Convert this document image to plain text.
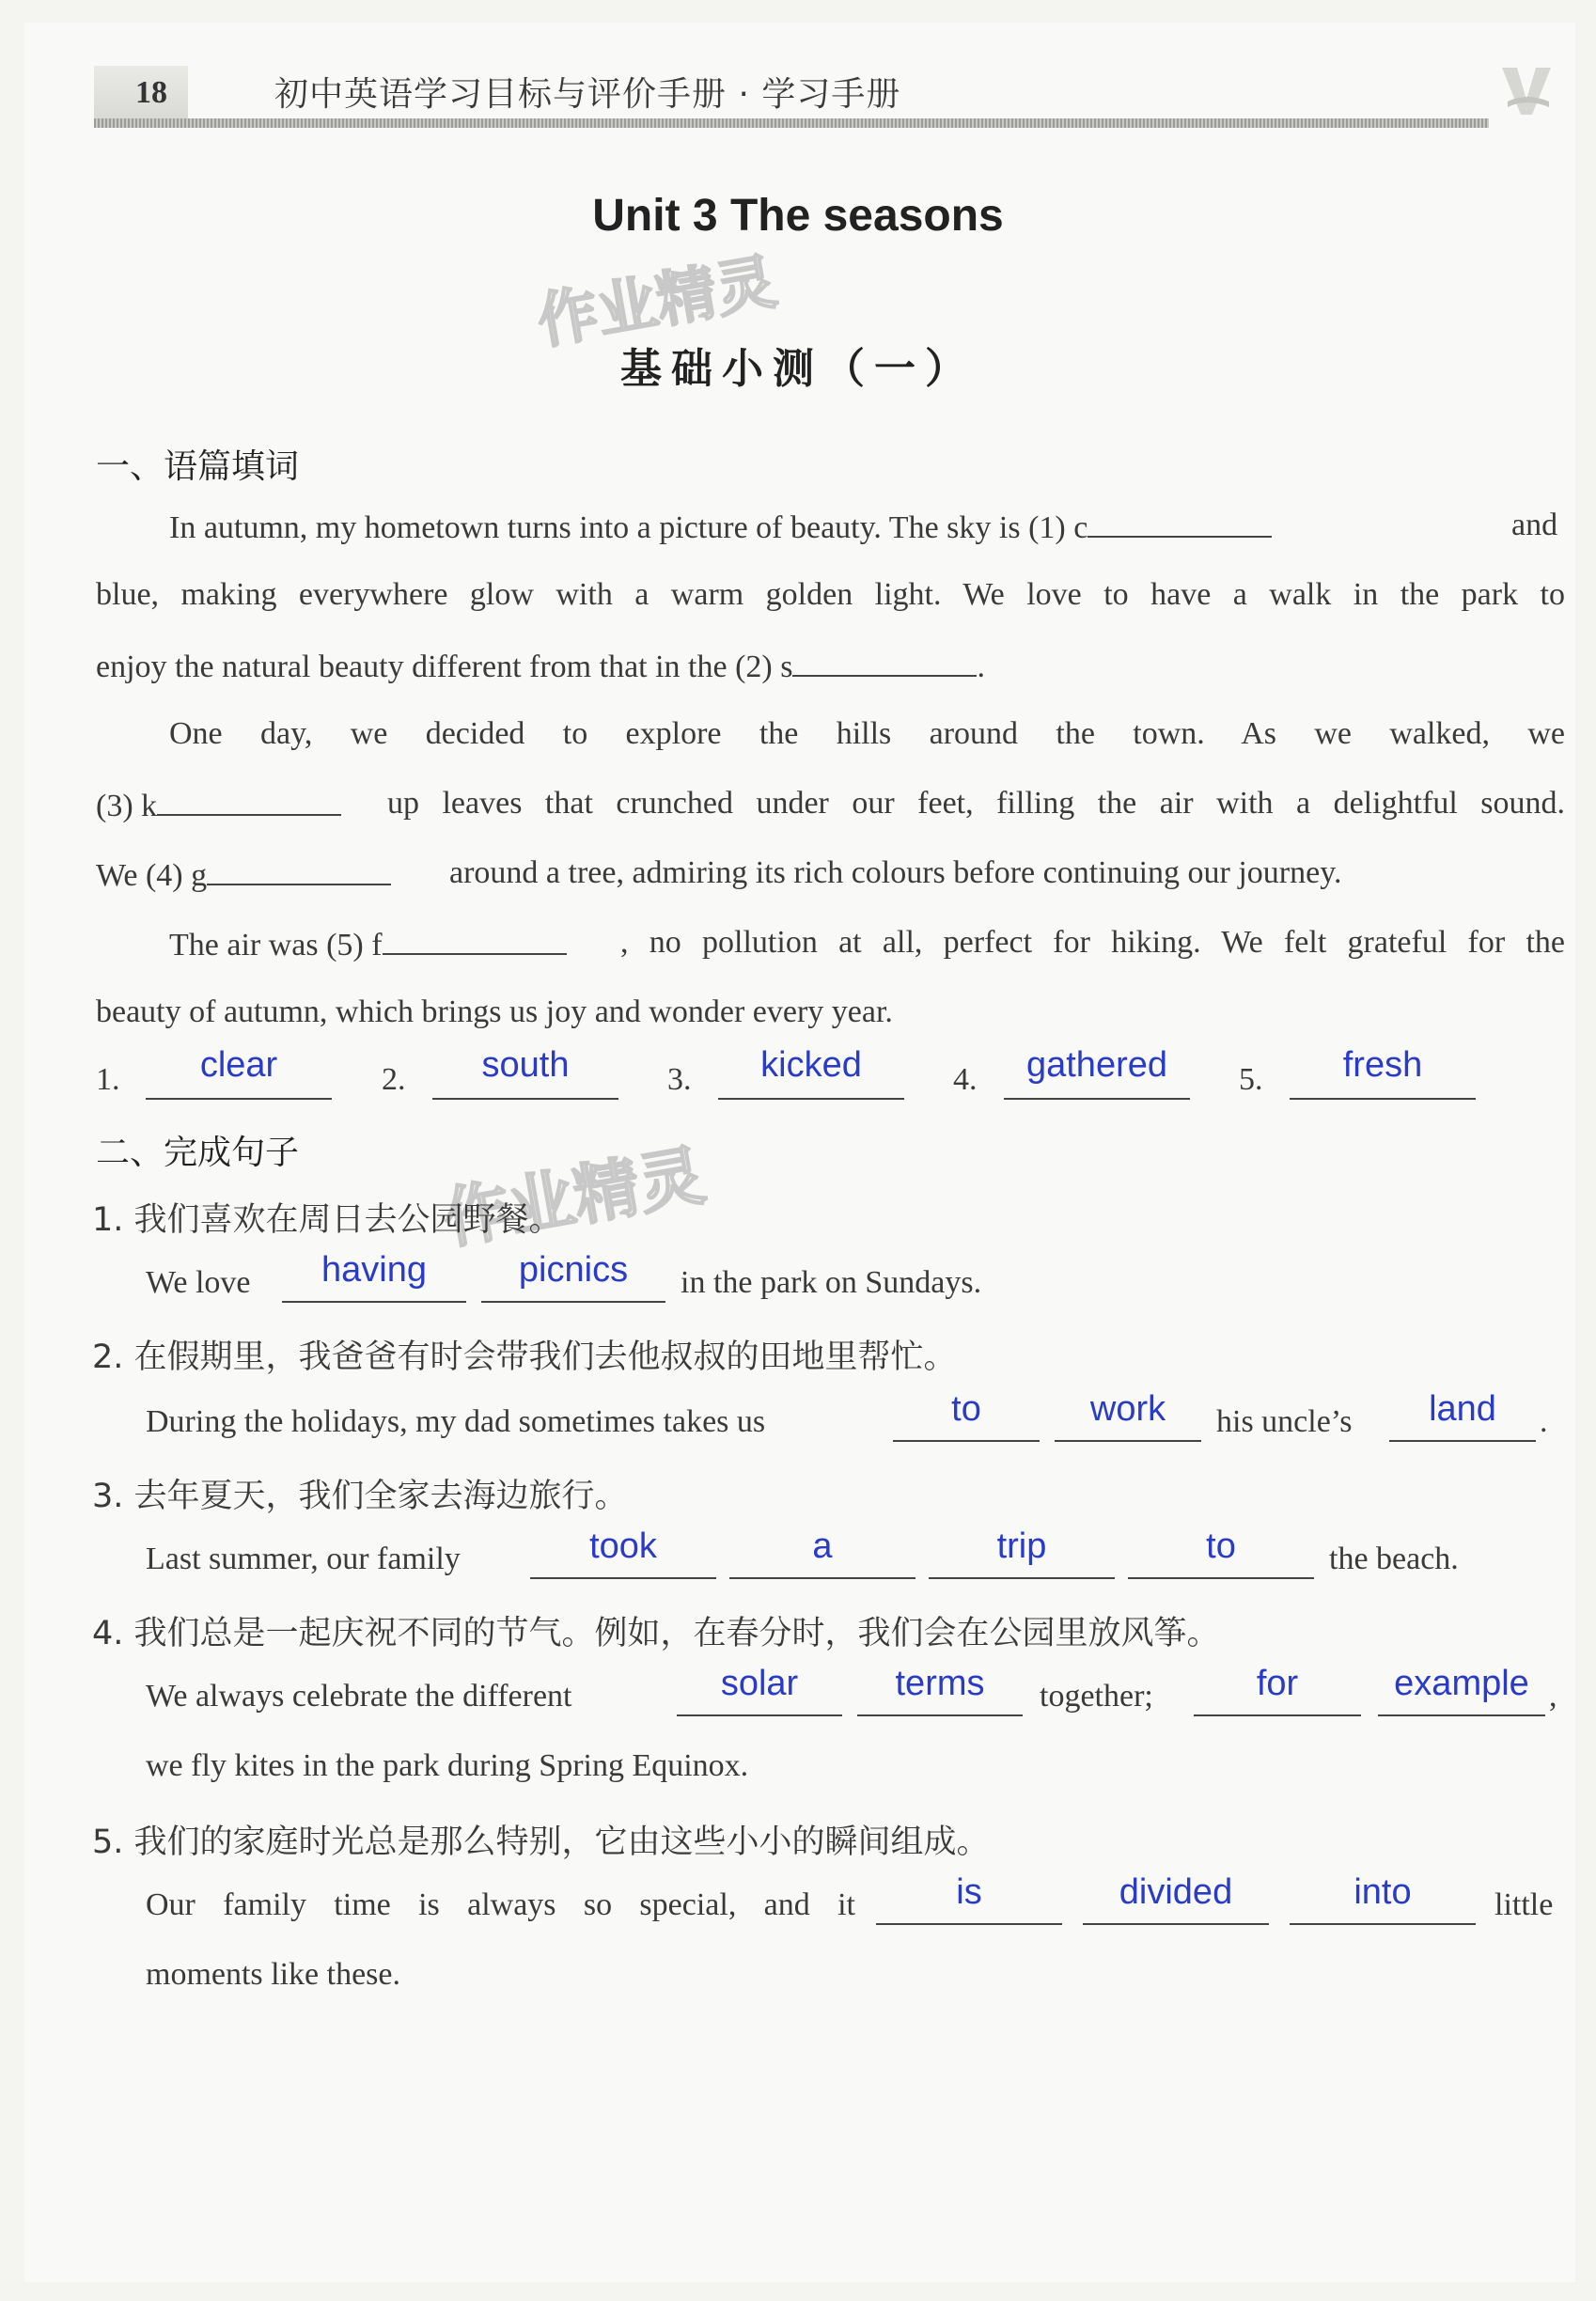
18	初中英语学习目标与评价手册 · 学习手册
Unit 3 The seasons
作业精灵
基础小测（一）
一、语篇填词
In autumn, my hometown turns into a picture of beauty. The sky is (1) c	and
blue, making everywhere glow with a warm golden light. We love to have a walk in the park to
enjoy the natural beauty different from that in the (2) s	.
One day, we decided to explore the hills around the town. As we walked, we
(3) k	up leaves that crunched under our feet, filling the air with a delightful sound.
We (4) g	around a tree, admiring its rich colours before continuing our journey.
The air was (5) f	, no pollution at all, perfect for hiking. We felt grateful for the
beauty of autumn, which brings us joy and wonder every year.
1.	clear	2.	south	3.	kicked	4.	gathered	5.	fresh
二、完成句子 作业精灵
1. 我们喜欢在周日去公园野餐。
We love	having	picnics	in the park on Sundays.
2. 在假期里，我爸爸有时会带我们去他叔叔的田地里帮忙。
During the holidays, my dad sometimes takes us	to	work	his uncle’s	land	.
3. 去年夏天，我们全家去海边旅行。
Last summer, our family	took	a	trip	to	the beach.
4. 我们总是一起庆祝不同的节气。例如，在春分时，我们会在公园里放风筝。
We always celebrate the different	solar	terms	together;	for	example ,
we fly kites in the park during Spring Equinox.
5. 我们的家庭时光总是那么特别，它由这些小小的瞬间组成。
Our family time is always so special, and it	is	divided	into	little
moments like these.
